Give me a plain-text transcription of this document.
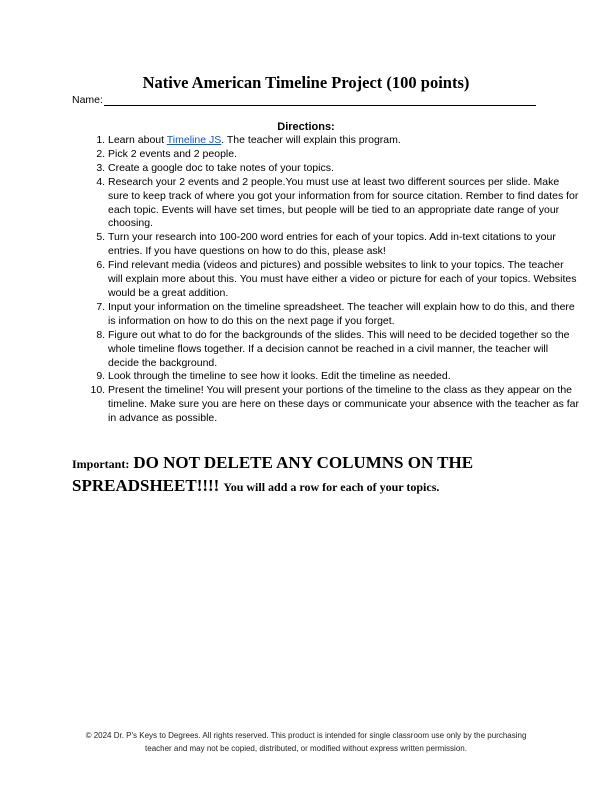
Native American Timeline Project (100 points)
Name:
Directions:
1. Learn about Timeline JS. The teacher will explain this program.
2. Pick 2 events and 2 people.
3. Create a google doc to take notes of your topics.
4. Research your 2 events and 2 people.You must use at least two different sources per slide. Make sure to keep track of where you got your information from for source citation. Rember to find dates for each topic. Events will have set times, but people will be tied to an appropriate date range of your choosing.
5. Turn your research into 100-200 word entries for each of your topics. Add in-text citations to your entries. If you have questions on how to do this, please ask!
6. Find relevant media (videos and pictures) and possible websites to link to your topics. The teacher will explain more about this. You must have either a video or picture for each of your topics. Websites would be a great addition.
7. Input your information on the timeline spreadsheet. The teacher will explain how to do this, and there is information on how to do this on the next page if you forget.
8. Figure out what to do for the backgrounds of the slides. This will need to be decided together so the whole timeline flows together. If a decision cannot be reached in a civil manner, the teacher will decide the background.
9. Look through the timeline to see how it looks. Edit the timeline as needed.
10. Present the timeline! You will present your portions of the timeline to the class as they appear on the timeline. Make sure you are here on these days or communicate your absence with the teacher as far in advance as possible.
Important: DO NOT DELETE ANY COLUMNS ON THE SPREADSHEET!!!! You will add a row for each of your topics.
© 2024 Dr. P's Keys to Degrees. All rights reserved. This product is intended for single classroom use only by the purchasing teacher and may not be copied, distributed, or modified without express written permission.
